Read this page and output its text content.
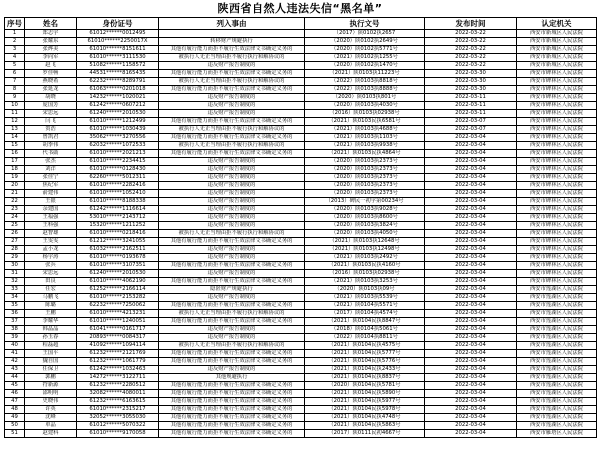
陕西省自然人违法失信“黑名单”
序号	姓名	身份证号	列入事由	执行文号	发布时间	认定机关
1	郑志宇	61012******0012495		（2017）陕0102执2657	2022-03-22	西安市新城区人民法院
2	张耀东	61010******2250017X	转移财产规避执行	（2020）陕0102执2649号	2022-03-22	西安市新城区人民法院
3	张烨美	61010******8151611	其他有履行能力而拒不履行生效法律文书确定义务的	（2020）陕0102执5771号	2022-03-22	西安市新城区人民法院
4	李向军	61010******3111530	被执行人无正当理由拒不履行执行和解协议的	（2021）陕0102执1255号	2022-03-22	西安市新城区人民法院
5	赵飞	51082******1158572	违反财产报告制度的	（2020）陕0102执1470号	2022-03-22	西安市新城区人民法院
6	罗佳畅	44531******8165435	其他有履行能力而拒不履行生效法律文书确定义务的	（2021）陕0103执11223号	2022-03-30	西安市碑林区人民法院
7	燕晓希	62232******8289791	被执行人无正当理由拒不履行执行和解协议的	（2022）陕0103执8818号	2022-03-30	西安市碑林区人民法院
8	张延龙	61063******0201018	其他有履行能力而拒不履行生效法律文书确定义务的	（2022）陕0103执8888号	2022-03-30	西安市碑林区人民法院
9	胡晓	14232******1020021	违反财产报告制度的	（2020）陕0103执801号	2022-03-11	西安市碑林区人民法院
10	庞国芳	61242******0607212	违反财产报告制度的	（2020）陕0103执4030号	2022-03-11	西安市碑林区人民法院
11	宋思远	61240******2010530	违反财产报告制度的	（2016）陕0103执02938号	2022-03-11	西安市碑林区人民法院
12	闫飞	61010******1212499	其他有履行能力而拒不履行生效法律文书确定义务的	（2021）陕0103民执6581号	2022-03-07	西安市碑林区人民法院
13	贺浩	61010******1030439	被执行人无正当理由拒不履行执行和解协议的	（2021）陕0103执4688号	2022-03-07	西安市碑林区人民法院
14	曾凯君	35062******3270556	其他有履行能力而拒不履行生效法律文书确定义务的	（2021）陕0103执1103号	2022-03-04	西安市碑林区人民法院
15	胡季伟	62032******1072533	被执行人无正当理由拒不履行执行和解协议的	（2021）陕0103执9938号	2022-03-04	西安市碑林区人民法院
16	代书勋	61010******2021213	其他有履行能力而拒不履行生效法律文书确定义务的	（2021）陕0103民执4864号	2022-03-04	西安市碑林区人民法院
17	张杰	61010******2234415	违反财产报告制度的	（2020）陕0103执2373号	2022-03-04	西安市碑林区人民法院
18	刘洋	61010******0128430	违反财产报告制度的	（2020）陕0103执2373号	2022-03-04	西安市碑林区人民法院
19	张佳宁	62260******5012311	违反财产报告制度的	（2020）陕0103执2373号	2022-03-04	西安市碑林区人民法院
20	焦纪军	61010******2282416	违反财产报告制度的	（2020）陕0103执2373号	2022-03-04	西安市碑林区人民法院
21	俞建伟	61010******1052410	违反财产报告制度的	（2020）陕0103执2373号	2022-03-04	西安市碑林区人民法院
22	王银	61010******8188338	违反财产报告制度的	（2013）碑民一初字第00234号	2022-03-04	西安市碑林区人民法院
23	余建国	61242******1116614	违反财产报告制度的	（2020）陕0103执9028号	2022-03-04	西安市碑林区人民法院
24	王福强	53010******2143712	违反财产报告制度的	（2020）陕0103执8600号	2022-03-04	西安市碑林区人民法院
25	王科强	15320******1211252	违反财产报告制度的	（2020）陕0103执3824号	2022-03-04	西安市碑林区人民法院
26	赵智雄	61010******0218416	被执行人无正当理由拒不履行执行和解协议的	（2020）陕0103执4050号	2022-03-04	西安市碑林区人民法院
27	王雯雯	61212******3241055	其他有履行能力而拒不履行生效法律文书确定义务的	（2021）陕0103执12648号	2022-03-04	西安市碑林区人民法院
28	孟小龙	61032******2162511	违反财产报告制度的	（2021）陕0103执12498号	2022-03-04	西安市碑林区人民法院
29	杨宇涛	61010******0193678	违反财产报告制度的	（2021）陕0103执2492号	2022-03-04	西安市碑林区人民法院
30	张兵	61010******3107351	其他有履行能力而拒不履行生效法律文书确定义务的	（2021）陕0103民执4160号	2022-03-04	西安市碑林区人民法院
31	宋思远	61240******2010530	违反财产报告制度的	（2016）陕0103执02938号	2022-03-04	西安市碑林区人民法院
32	田良	61010******4062190	其他有履行能力而拒不履行生效法律文书确定义务的	（2021）陕0103执3253号	2022-03-04	西安市碑林区人民法院
33	任宏	61252******2166114	隐匿财产规避执行	（2020）陕0103执09号	2022-03-04	西安市莲湖区人民法院
34	马鹏飞	61010******2153282	违反财产报告制度的	（2021）陕0103执5539号	2022-03-04	西安市莲湖区人民法院
35	陈璐	62232******7250062	其他有履行能力而拒不履行生效法律文书确定义务的	（2021）陕0104执5571号	2022-03-04	西安市莲湖区人民法院
36	王鹏	61010******4213231	被执行人无正当理由拒不履行执行和解协议的	（2017）陕0104执4574号	2022-03-04	西安市莲湖区人民法院
37	李耀华	61010******1240051	其他有履行能力而拒不履行生效法律文书确定义务的	（2021）陕0104民执8847号	2022-03-04	西安市莲湖区人民法院
38	韩晶晶	61041******0161717	违反财产报告制度的	（2018）陕0104执5061号	2022-03-04	西安市莲湖区人民法院
39	孙玉春	20893******0084317	违反财产报告制度的	（2022）陕0104执8811号	2022-03-04	西安市莲湖区人民法院
40	程磊超	41092******1094114	被执行人无正当理由拒不履行执行和解协议的	（2021）陕0104民执4575号	2022-03-04	西安市莲湖区人民法院
41	王国平	61232******2121769	其他有履行能力而拒不履行生效法律文书确定义务的	（2021）陕0104民执5777号	2022-03-04	西安市莲湖区人民法院
42	魏自国	61232******1061779	其他有履行能力而拒不履行生效法律文书确定义务的	（2021）陕0104民执5776号	2022-03-04	西安市莲湖区人民法院
43	任保卫	61242******1032463	违反财产报告制度的	（2021）陕0104民执2433号	2022-03-04	西安市莲湖区人民法院
44	郭鹏	14272******3122711	其他规避执行	（2021）陕0104民执8837号	2022-03-04	西安市莲湖区人民法院
45	符新源	61232******2280512	其他有履行能力而拒不履行生效法律文书确定义务的	（2020）陕0104民执5781号	2022-03-04	西安市莲湖区人民法院
46	邵明明	32082******4080011	其他有履行能力而拒不履行生效法律文书确定义务的	（2021）陕0104民执5890号	2022-03-04	西安市莲湖区人民法院
47	史晓伟	61232******6163615	其他有履行能力而拒不履行生效法律文书确定义务的	（2021）陕0104民执5977号	2022-03-04	西安市莲湖区人民法院
48	许英	61010******2315217	其他有履行能力而拒不履行生效法律文书确定义务的	（2021）陕0104民执5978号	2022-03-04	西安市莲湖区人民法院
49	沈峰	32052******3055030	其他有履行能力而拒不履行生效法律文书确定义务的	（2021）陕0104民执4748号	2022-03-04	西安市莲湖区人民法院
50	单晶	61012******5070322	其他有履行能力而拒不履行生效法律文书确定义务的	（2021）陕0104民执5863号	2022-03-04	西安市莲湖区人民法院
51	赵建科	61010******9170058	其他有履行能力而拒不履行生效法律文书确定义务的	（2017）陕0111民初4667号	2022-03-04	西安市雁塔区人民法院
